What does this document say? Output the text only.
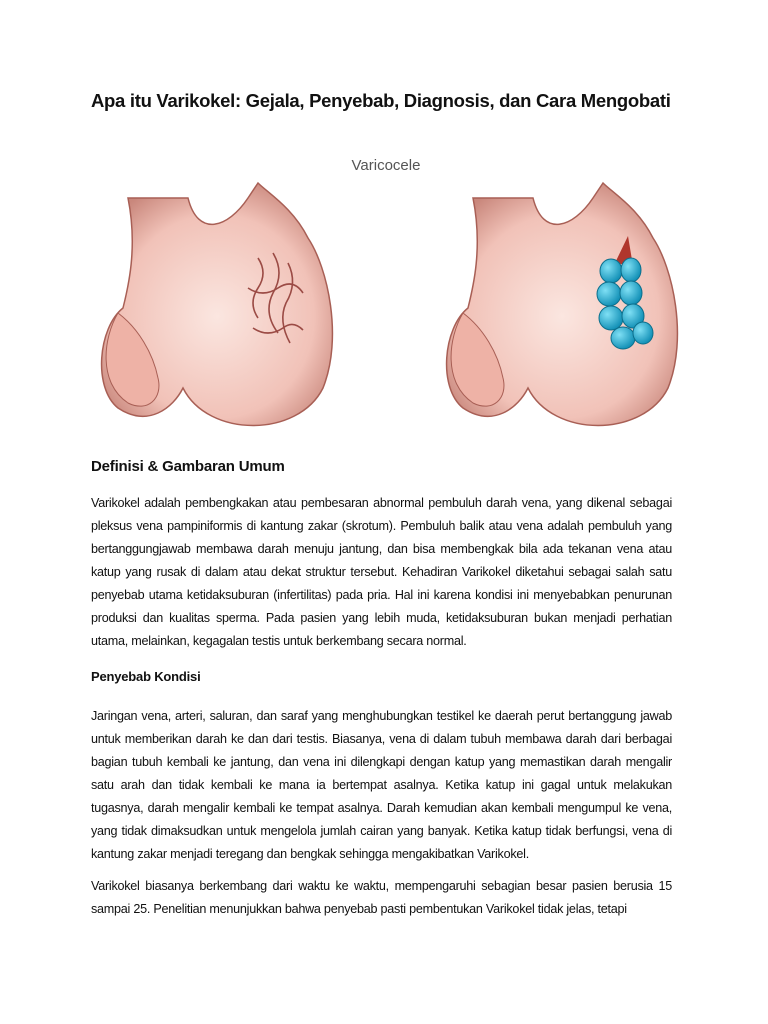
Apa itu Varikokel: Gejala, Penyebab, Diagnosis, dan Cara Mengobati
Varicocele
Definisi & Gambaran Umum
Varikokel adalah pembengkakan atau pembesaran abnormal pembuluh darah vena, yang dikenal sebagai pleksus vena pampiniformis di kantung zakar (skrotum). Pembuluh balik atau vena adalah pembuluh yang bertanggungjawab membawa darah menuju jantung, dan bisa membengkak bila ada tekanan vena atau katup yang rusak di dalam atau dekat struktur tersebut. Kehadiran Varikokel diketahui sebagai salah satu penyebab utama ketidaksuburan (infertilitas) pada pria. Hal ini karena kondisi ini menyebabkan penurunan produksi dan kualitas sperma. Pada pasien yang lebih muda, ketidaksuburan bukan menjadi perhatian utama, melainkan, kegagalan testis untuk berkembang secara normal.
Penyebab Kondisi
Jaringan vena, arteri, saluran, dan saraf yang menghubungkan testikel ke daerah perut bertanggung jawab untuk memberikan darah ke dan dari testis. Biasanya, vena di dalam tubuh membawa darah dari berbagai bagian tubuh kembali ke jantung, dan vena ini dilengkapi dengan katup yang memastikan darah mengalir satu arah dan tidak kembali ke mana ia bertempat asalnya. Ketika katup ini gagal untuk melakukan tugasnya, darah mengalir kembali ke tempat asalnya. Darah kemudian akan kembali mengumpul ke vena, yang tidak dimaksudkan untuk mengelola jumlah cairan yang banyak. Ketika katup tidak berfungsi, vena di kantung zakar menjadi teregang dan bengkak sehingga mengakibatkan Varikokel.
Varikokel biasanya berkembang dari waktu ke waktu, mempengaruhi sebagian besar pasien berusia 15 sampai 25. Penelitian menunjukkan bahwa penyebab pasti pembentukan Varikokel tidak jelas, tetapi
